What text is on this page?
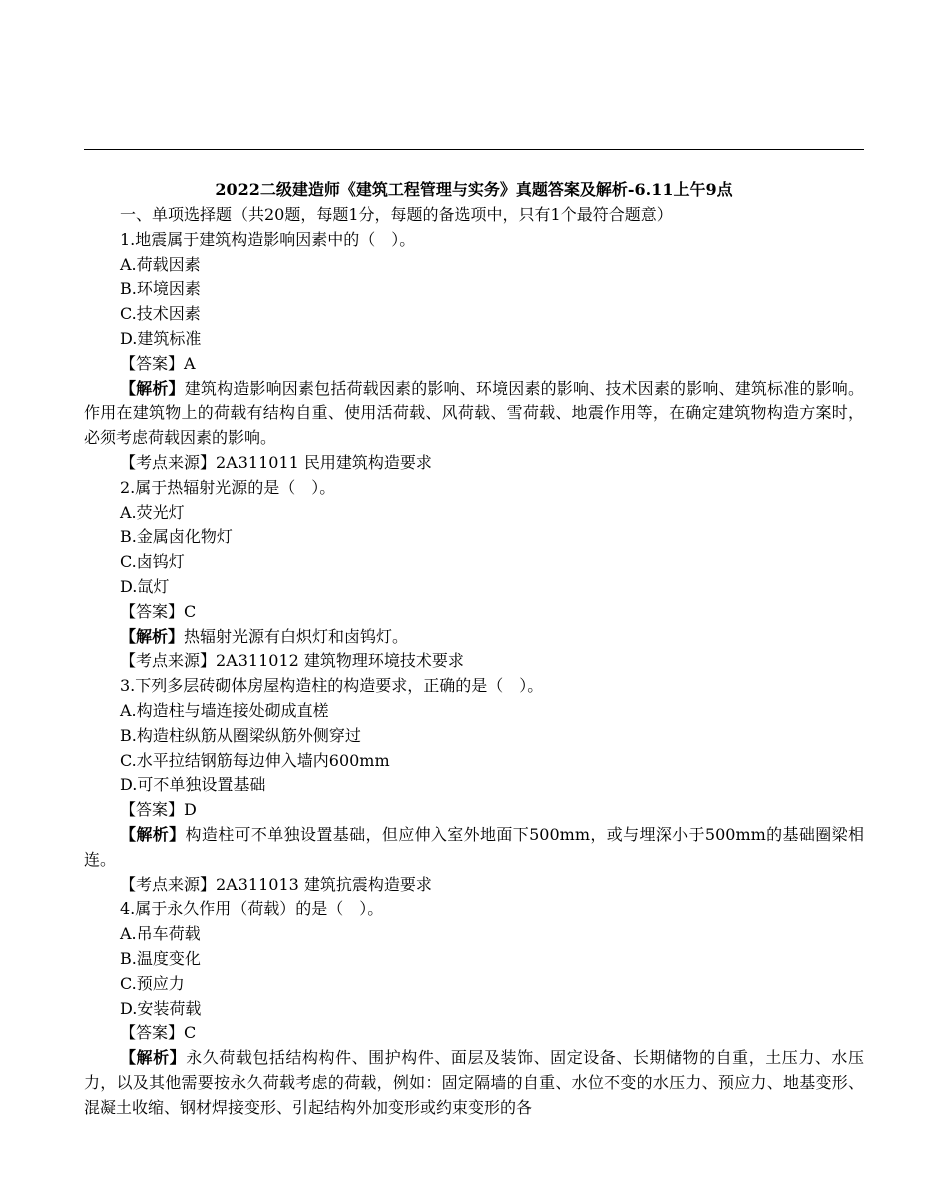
2022二级建造师《建筑工程管理与实务》真题答案及解析-6.11上午9点
一、单项选择题（共20题，每题1分，每题的备选项中，只有1个最符合题意）
1.地震属于建筑构造影响因素中的（　）。
A.荷载因素
B.环境因素
C.技术因素
D.建筑标准
【答案】A
【解析】建筑构造影响因素包括荷载因素的影响、环境因素的影响、技术因素的影响、建筑标准的影响。作用在建筑物上的荷载有结构自重、使用活荷载、风荷载、雪荷载、地震作用等，在确定建筑物构造方案时，必须考虑荷载因素的影响。
【考点来源】2A311011 民用建筑构造要求
2.属于热辐射光源的是（　）。
A.荧光灯
B.金属卤化物灯
C.卤钨灯
D.氙灯
【答案】C
【解析】热辐射光源有白炽灯和卤钨灯。
【考点来源】2A311012 建筑物理环境技术要求
3.下列多层砖砌体房屋构造柱的构造要求，正确的是（　）。
A.构造柱与墙连接处砌成直槎
B.构造柱纵筋从圈梁纵筋外侧穿过
C.水平拉结钢筋每边伸入墙内600mm
D.可不单独设置基础
【答案】D
【解析】构造柱可不单独设置基础，但应伸入室外地面下500mm，或与埋深小于500mm的基础圈梁相连。
【考点来源】2A311013 建筑抗震构造要求
4.属于永久作用（荷载）的是（　）。
A.吊车荷载
B.温度变化
C.预应力
D.安装荷载
【答案】C
【解析】永久荷载包括结构构件、围护构件、面层及装饰、固定设备、长期储物的自重，土压力、水压力，以及其他需要按永久荷载考虑的荷载，例如：固定隔墙的自重、水位不变的水压力、预应力、地基变形、混凝土收缩、钢材焊接变形、引起结构外加变形或约束变形的各
